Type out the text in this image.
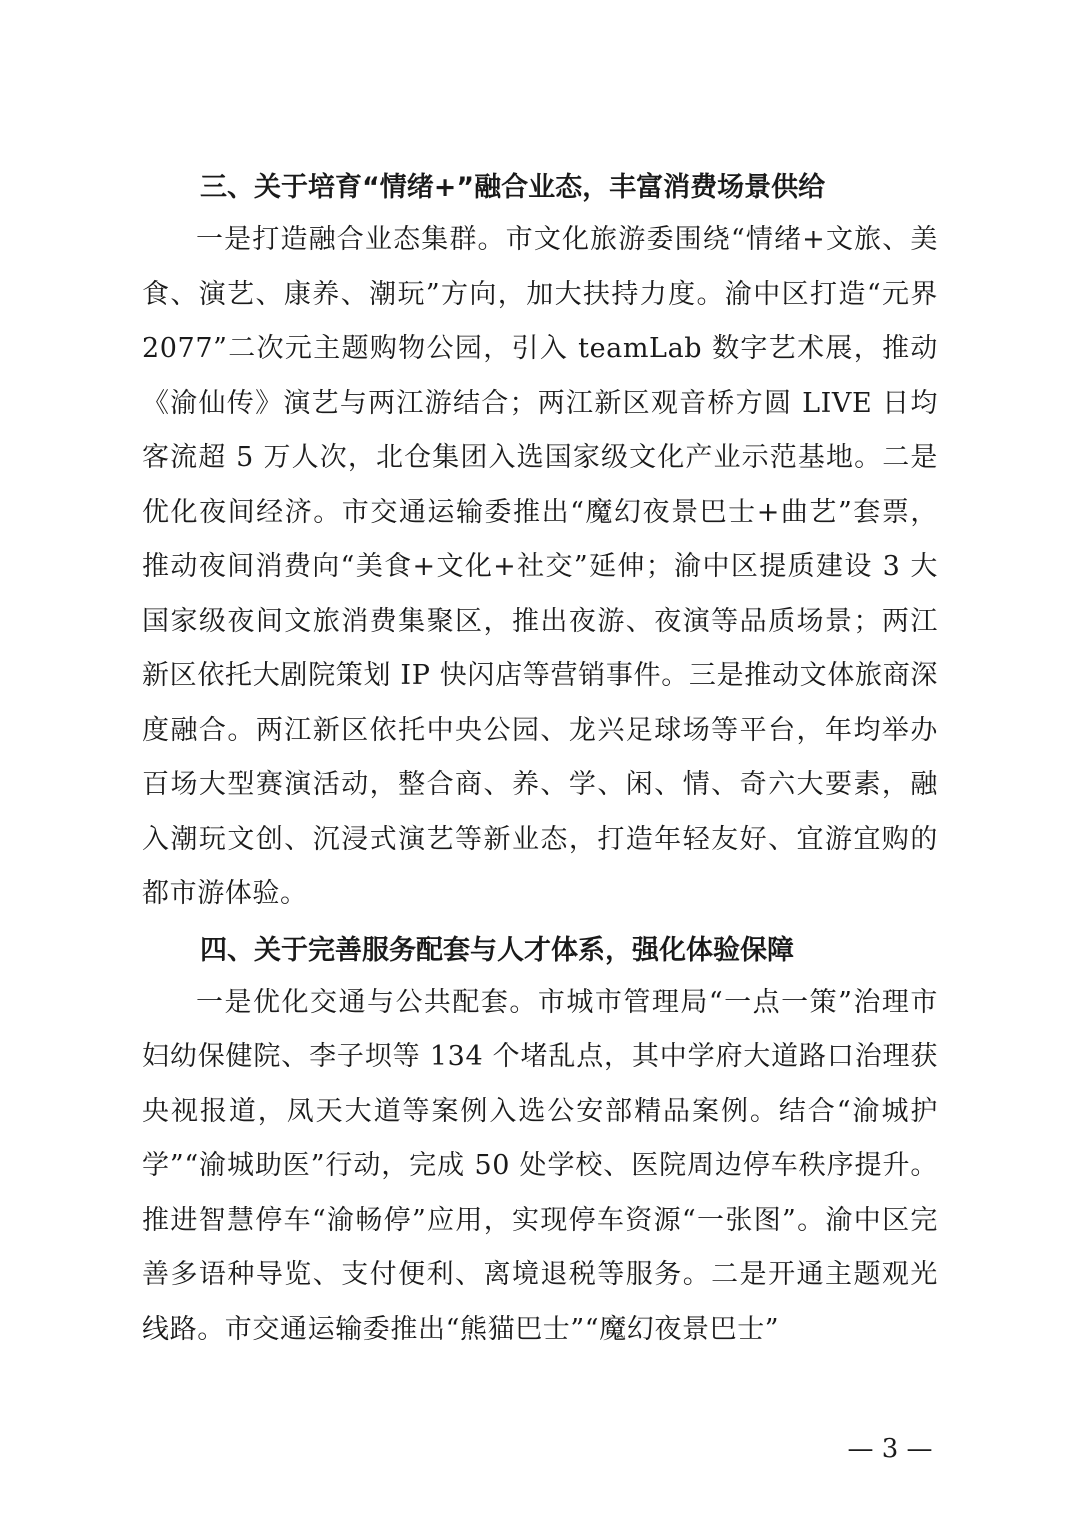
三、关于培育“情绪+”融合业态，丰富消费场景供给

一是打造融合业态集群。市文化旅游委围绕“情绪+文旅、美食、演艺、康养、潮玩”方向，加大扶持力度。渝中区打造“元界 2077”二次元主题购物公园，引入 teamLab 数字艺术展，推动《渝仙传》演艺与两江游结合；两江新区观音桥方圆 LIVE 日均客流超 5 万人次，北仓集团入选国家级文化产业示范基地。二是优化夜间经济。市交通运输委推出“魔幻夜景巴士+曲艺”套票，推动夜间消费向“美食+文化+社交”延伸；渝中区提质建设 3 大国家级夜间文旅消费集聚区，推出夜游、夜演等品质场景；两江新区依托大剧院策划 IP 快闪店等营销事件。三是推动文体旅商深度融合。两江新区依托中央公园、龙兴足球场等平台，年均举办百场大型赛演活动，整合商、养、学、闲、情、奇六大要素，融入潮玩文创、沉浸式演艺等新业态，打造年轻友好、宜游宜购的都市游体验。

四、关于完善服务配套与人才体系，强化体验保障

一是优化交通与公共配套。市城市管理局“一点一策”治理市妇幼保健院、李子坝等 134 个堵乱点，其中学府大道路口治理获央视报道，凤天大道等案例入选公安部精品案例。结合“渝城护学”“渝城助医”行动，完成 50 处学校、医院周边停车秩序提升。推进智慧停车“渝畅停”应用，实现停车资源“一张图”。渝中区完善多语种导览、支付便利、离境退税等服务。二是开通主题观光线路。市交通运输委推出“熊猫巴士”“魔幻夜景巴士”

— 3 —
